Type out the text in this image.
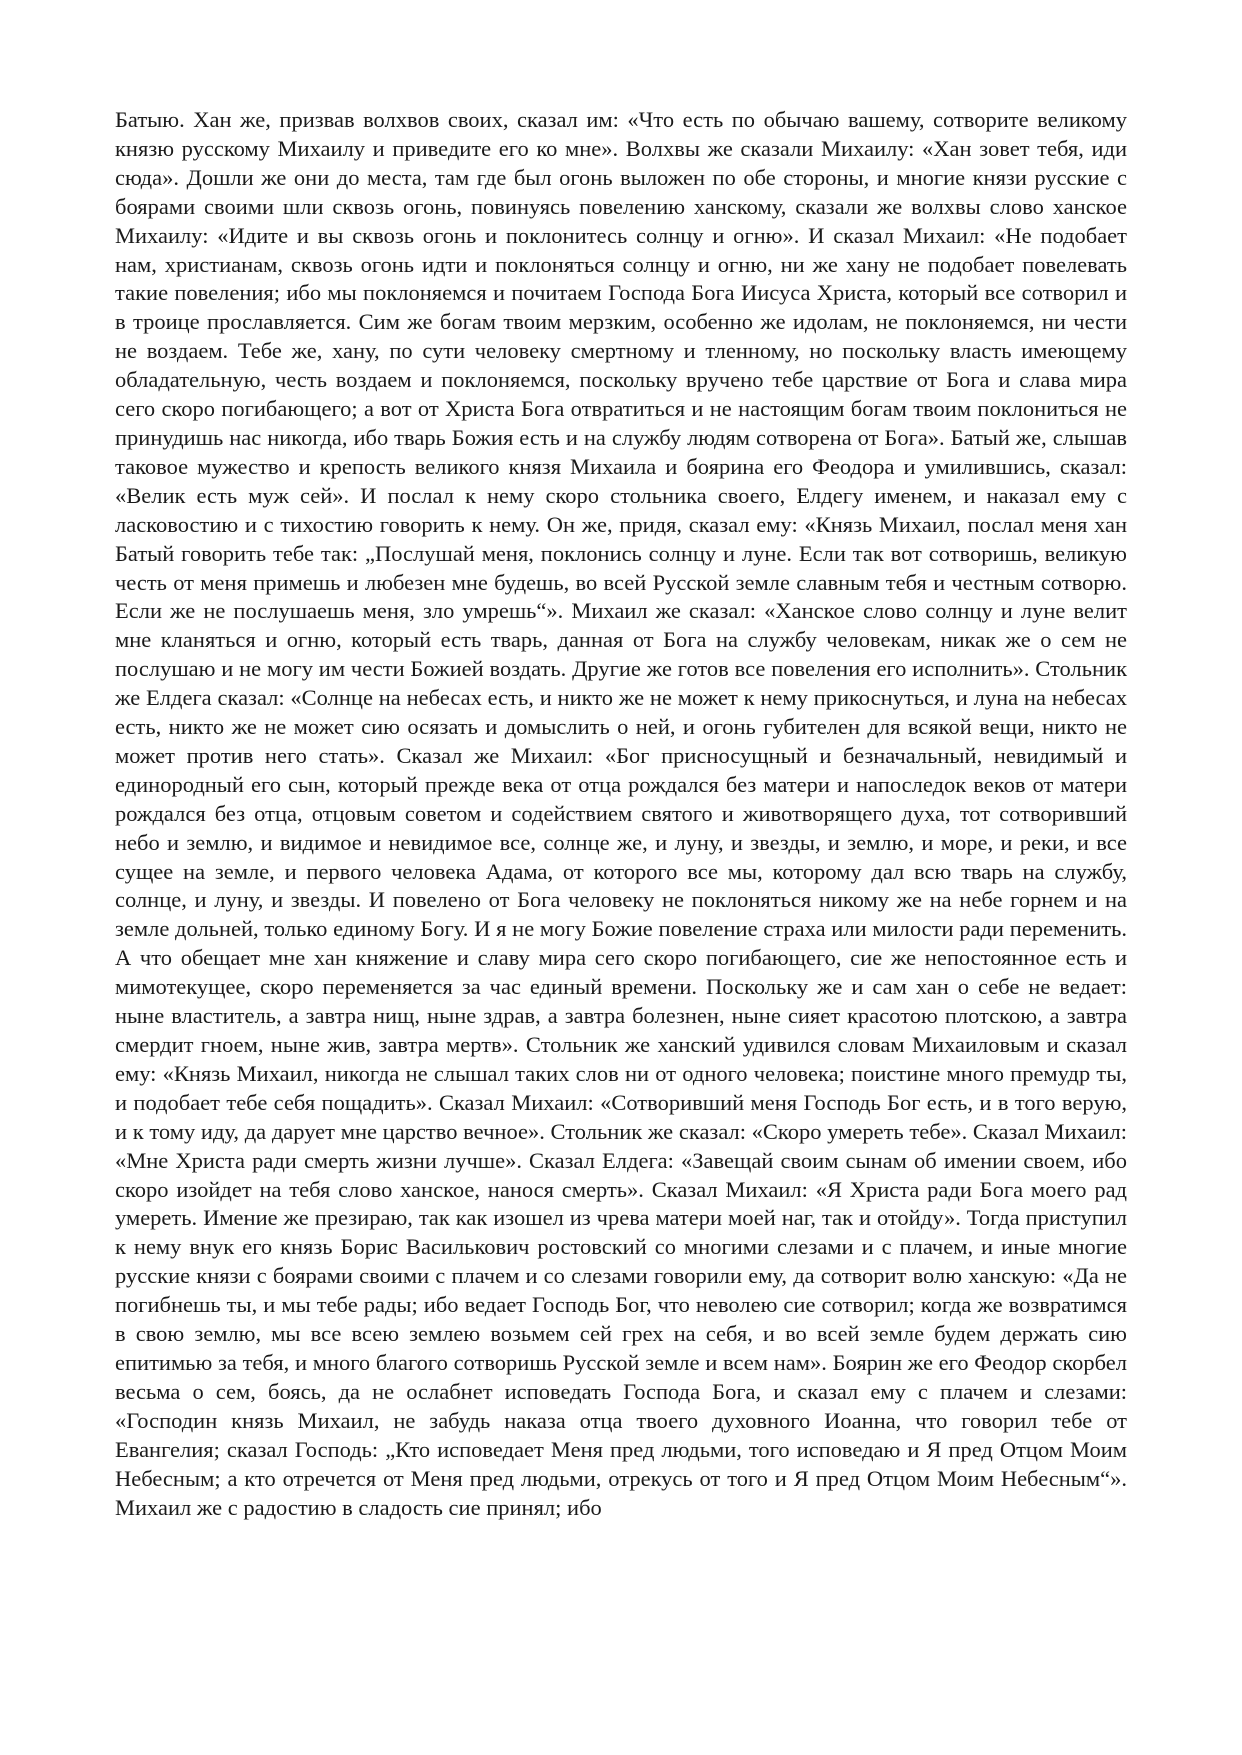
Батыю. Хан же, призвав волхвов своих, сказал им: «Что есть по обычаю вашему, сотворите великому князю русскому Михаилу и приведите его ко мне». Волхвы же сказали Михаилу: «Хан зовет тебя, иди сюда». Дошли же они до места, там где был огонь выложен по обе стороны, и многие князи русские с боярами своими шли сквозь огонь, повинуясь повелению ханскому, сказали же волхвы слово ханское Михаилу: «Идите и вы сквозь огонь и поклонитесь солнцу и огню». И сказал Михаил: «Не подобает нам, христианам, сквозь огонь идти и поклоняться солнцу и огню, ни же хану не подобает повелевать такие повеления; ибо мы поклоняемся и почитаем Господа Бога Иисуса Христа, который все сотворил и в троице прославляется. Сим же богам твоим мерзким, особенно же идолам, не поклоняемся, ни чести не воздаем. Тебе же, хану, по сути человеку смертному и тленному, но поскольку власть имеющему обладательную, честь воздаем и поклоняемся, поскольку вручено тебе царствие от Бога и слава мира сего скоро погибающего; а вот от Христа Бога отвратиться и не настоящим богам твоим поклониться не принудишь нас никогда, ибо тварь Божия есть и на службу людям сотворена от Бога». Батый же, слышав таковое мужество и крепость великого князя Михаила и боярина его Феодора и умилившись, сказал: «Велик есть муж сей». И послал к нему скоро стольника своего, Елдегу именем, и наказал ему с ласковостию и с тихостию говорить к нему. Он же, придя, сказал ему: «Князь Михаил, послал меня хан Батый говорить тебе так: „Послушай меня, поклонись солнцу и луне. Если так вот сотворишь, великую честь от меня примешь и любезен мне будешь, во всей Русской земле славным тебя и честным сотворю. Если же не послушаешь меня, зло умрешь“». Михаил же сказал: «Ханское слово солнцу и луне велит мне кланяться и огню, который есть тварь, данная от Бога на службу человекам, никак же о сем не послушаю и не могу им чести Божией воздать. Другие же готов все повеления его исполнить». Стольник же Елдега сказал: «Солнце на небесах есть, и никто же не может к нему прикоснуться, и луна на небесах есть, никто же не может сию осязать и домыслить о ней, и огонь губителен для всякой вещи, никто не может против него стать». Сказал же Михаил: «Бог присносущный и безначальный, невидимый и единородный его сын, который прежде века от отца рождался без матери и напоследок веков от матери рождался без отца, отцовым советом и содействием святого и животворящего духа, тот сотворивший небо и землю, и видимое и невидимое все, солнце же, и луну, и звезды, и землю, и море, и реки, и все сущее на земле, и первого человека Адама, от которого все мы, которому дал всю тварь на службу, солнце, и луну, и звезды. И повелено от Бога человеку не поклоняться никому же на небе горнем и на земле дольней, только единому Богу. И я не могу Божие повеление страха или милости ради переменить. А что обещает мне хан княжение и славу мира сего скоро погибающего, сие же непостоянное есть и мимотекущее, скоро переменяется за час единый времени. Поскольку же и сам хан о себе не ведает: ныне властитель, а завтра нищ, ныне здрав, а завтра болезнен, ныне сияет красотою плотскою, а завтра смердит гноем, ныне жив, завтра мертв». Стольник же ханский удивился словам Михаиловым и сказал ему: «Князь Михаил, никогда не слышал таких слов ни от одного человека; поистине много премудр ты, и подобает тебе себя пощадить». Сказал Михаил: «Сотворивший меня Господь Бог есть, и в того верую, и к тому иду, да дарует мне царство вечное». Стольник же сказал: «Скоро умереть тебе». Сказал Михаил: «Мне Христа ради смерть жизни лучше». Сказал Елдега: «Завещай своим сынам об имении своем, ибо скоро изойдет на тебя слово ханское, нанося смерть». Сказал Михаил: «Я Христа ради Бога моего рад умереть. Имение же презираю, так как изошел из чрева матери моей наг, так и отойду». Тогда приступил к нему внук его князь Борис Василькович ростовский со многими слезами и с плачем, и иные многие русские князи с боярами своими с плачем и со слезами говорили ему, да сотворит волю ханскую: «Да не погибнешь ты, и мы тебе рады; ибо ведает Господь Бог, что неволею сие сотворил; когда же возвратимся в свою землю, мы все всею землею возьмем сей грех на себя, и во всей земле будем держать сию епитимью за тебя, и много благого сотворишь Русской земле и всем нам». Боярин же его Феодор скорбел весьма о сем, боясь, да не ослабнет исповедать Господа Бога, и сказал ему с плачем и слезами: «Господин князь Михаил, не забудь наказа отца твоего духовного Иоанна, что говорил тебе от Евангелия; сказал Господь: „Кто исповедает Меня пред людьми, того исповедаю и Я пред Отцом Моим Небесным; а кто отречется от Меня пред людьми, отрекусь от того и Я пред Отцом Моим Небесным“». Михаил же с радостию в сладость сие принял; ибо
